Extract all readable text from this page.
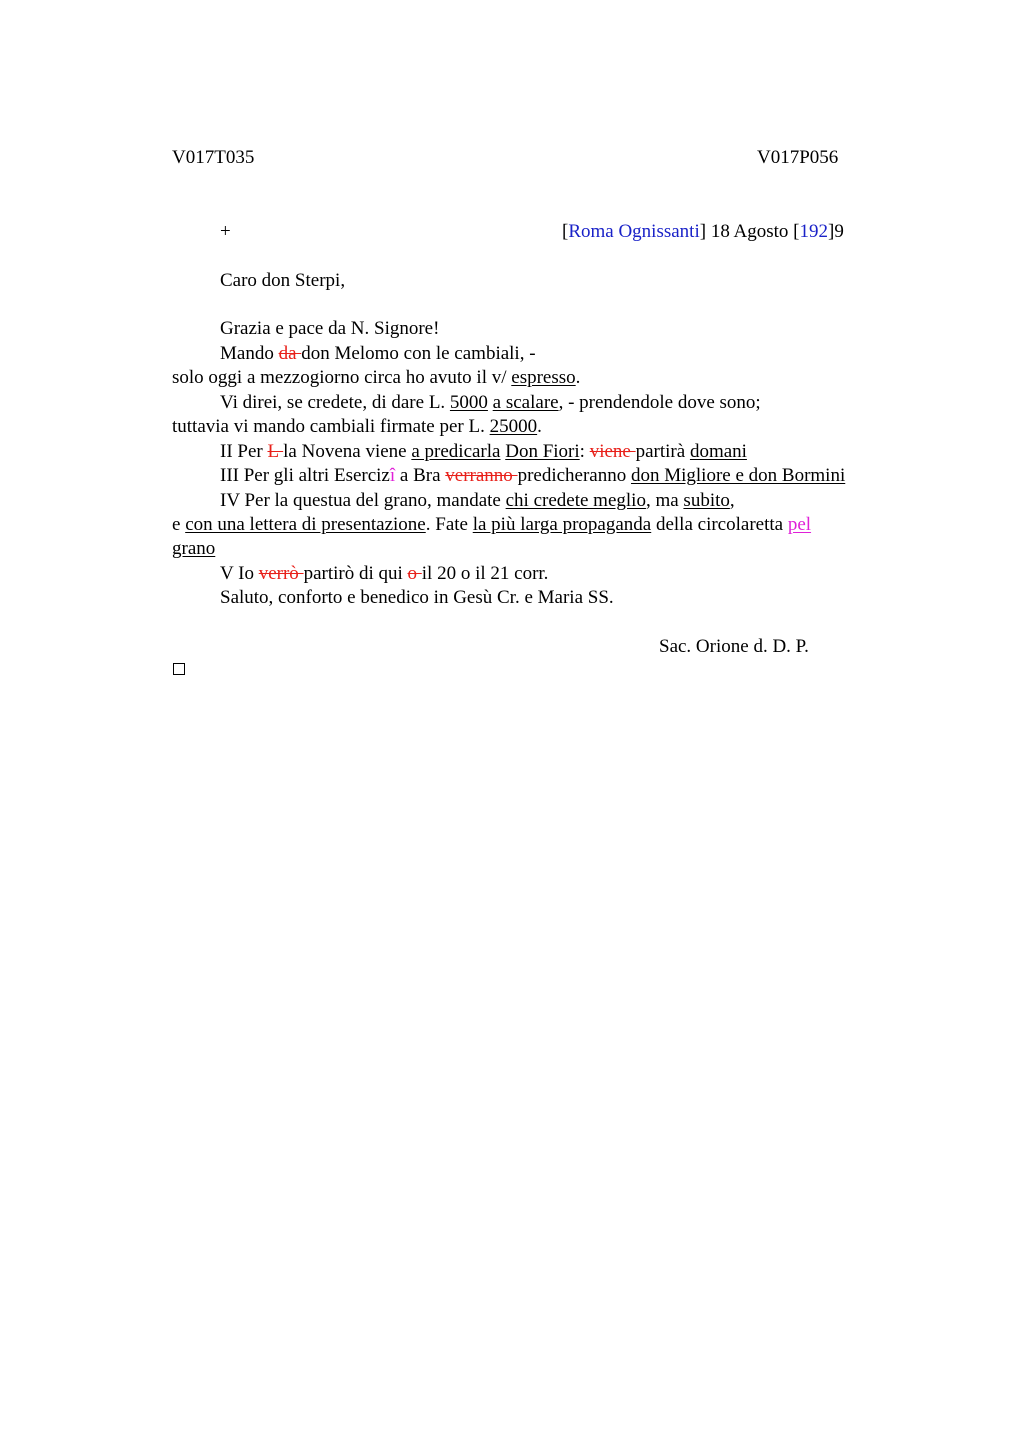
V017T035	V017P056
+	[Roma Ognissanti] 18 Agosto [192]9
Caro don Sterpi,
Grazia e pace da N. Signore!
Mando da don Melomo con le cambiali, -
solo oggi a mezzogiorno circa ho avuto il v/ espresso.
Vi direi, se credete, di dare L. 5000 a scalare, - prendendole dove sono;
tuttavia vi mando cambiali firmate per L. 25000.
II Per L la Novena viene a predicarla Don Fiori: viene partirà domani
III Per gli altri Esercizî a Bra verranno predicheranno don Migliore e don Bormini
IV Per la questua del grano, mandate chi credete meglio, ma subito,
e con una lettera di presentazione. Fate la più larga propaganda della circolaretta pel
grano
V Io verrò partirò di qui o il 20 o il 21 corr.
Saluto, conforto e benedico in Gesù Cr. e Maria SS.
Sac. Orione d. D. P.
